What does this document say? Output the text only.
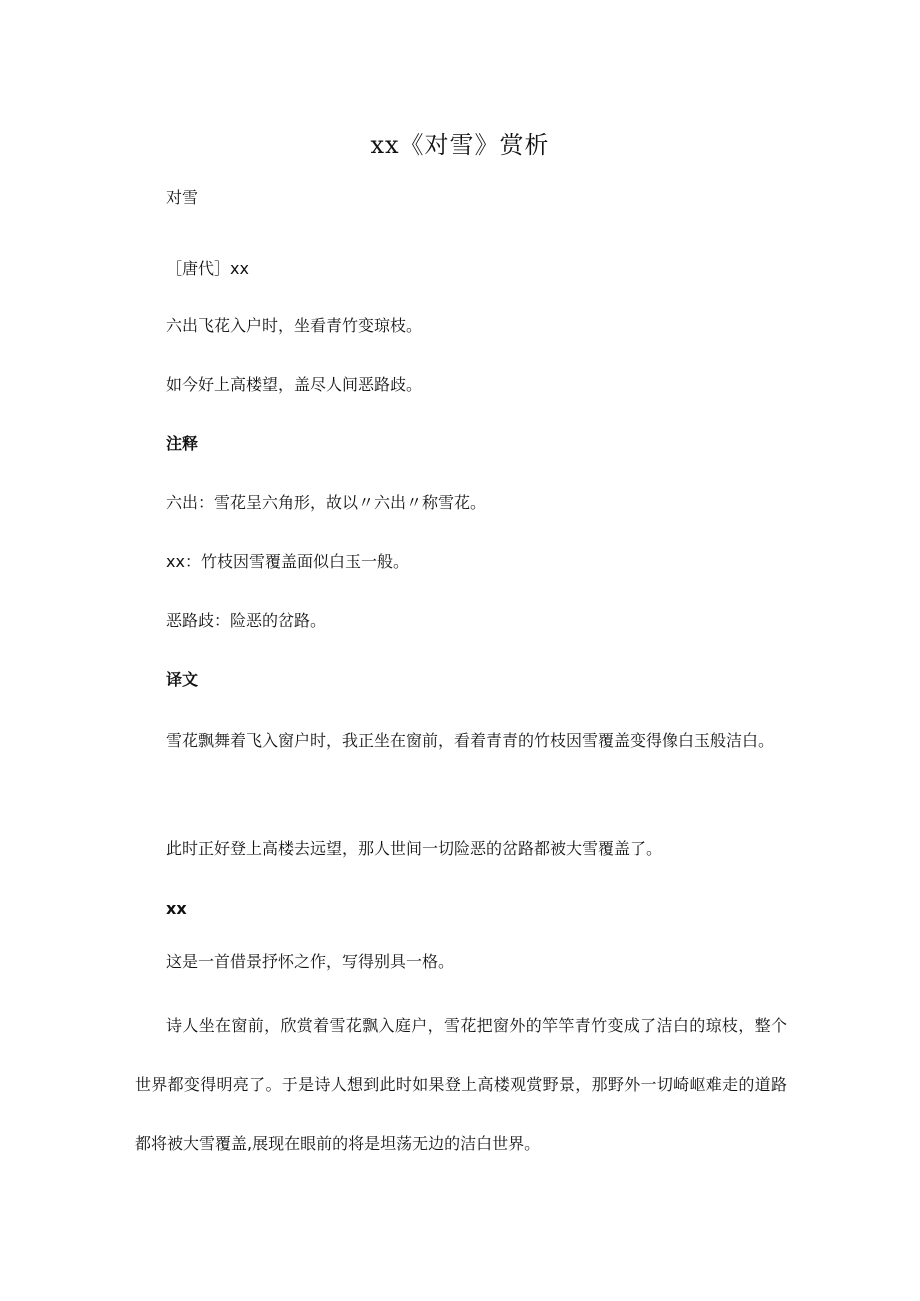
xx《对雪》赏析
对雪
［唐代］xx
六出飞花入户时，坐看青竹变琼枝。
如今好上高楼望，盖尽人间恶路歧。
注释
六出：雪花呈六角形，故以〃六出〃称雪花。
xx：竹枝因雪覆盖面似白玉一般。
恶路歧：险恶的岔路。
译文
雪花飘舞着飞入窗户时，我正坐在窗前，看着青青的竹枝因雪覆盖变得像白玉般洁白。
此时正好登上高楼去远望，那人世间一切险恶的岔路都被大雪覆盖了。
xx
这是一首借景抒怀之作，写得别具一格。
诗人坐在窗前，欣赏着雪花飘入庭户，雪花把窗外的竿竿青竹变成了洁白的琼枝，整个世界都变得明亮了。于是诗人想到此时如果登上高楼观赏野景，那野外一切崎岖难走的道路都将被大雪覆盖,展现在眼前的将是坦荡无边的洁白世界。
